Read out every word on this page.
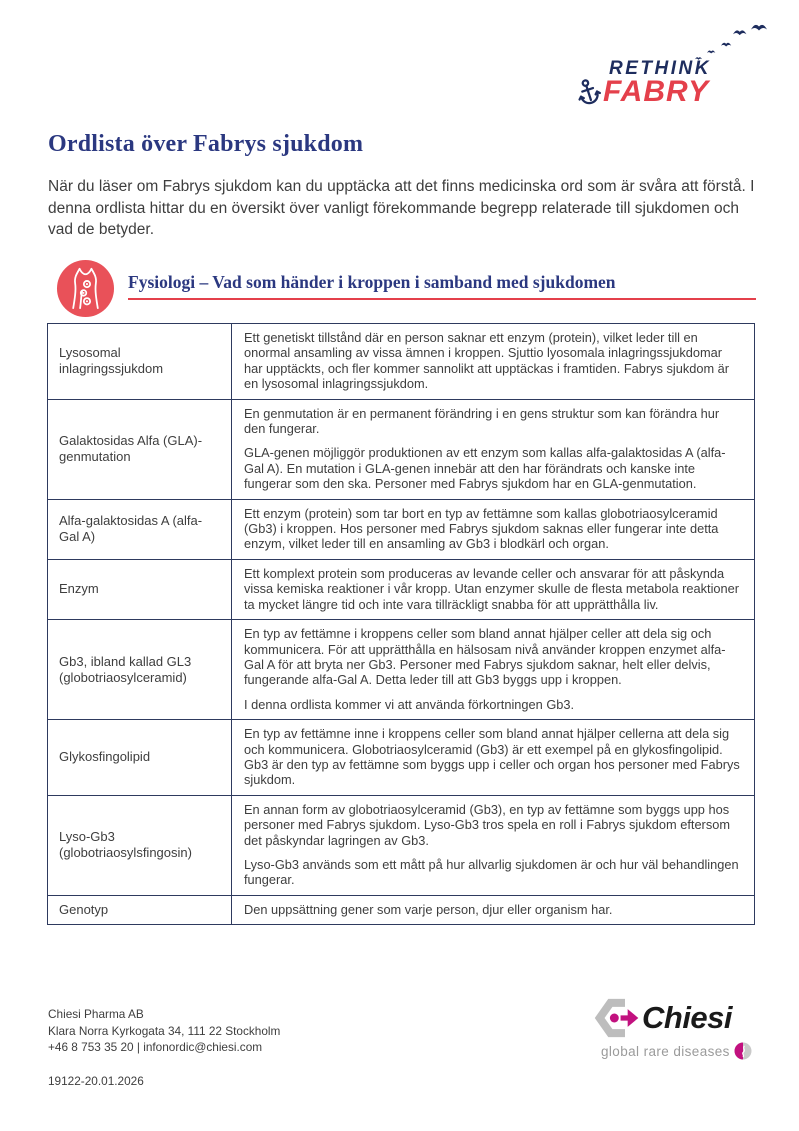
RETHINK
FABRY
Ordlista över Fabrys sjukdom

När du läser om Fabrys sjukdom kan du upptäcka att det finns medicinska ord som är svåra att förstå. I denna ordlista hittar du en översikt över vanligt förekommande begrepp relaterade till sjukdomen och vad de betyder.

Fysiologi – Vad som händer i kroppen i samband med sjukdomen
Lysosomal inlagringssjukdom	Ett genetiskt tillstånd där en person saknar ett enzym (protein), vilket leder till en onormal ansamling av vissa ämnen i kroppen. Sjuttio lyosomala inlagringssjukdomar har upptäckts, och fler kommer sannolikt att upptäckas i framtiden. Fabrys sjukdom är en lysosomal inlagringssjukdom.

Galaktosidas Alfa (GLA)-genmutation	En genmutation är en permanent förändring i en gens struktur som kan förändra hur den fungerar.

GLA-genen möjliggör produktionen av ett enzym som kallas alfa-galaktosidas A (alfa-Gal A). En mutation i GLA-genen innebär att den har förändrats och kanske inte fungerar som den ska. Personer med Fabrys sjukdom har en GLA-genmutation.

Alfa-galaktosidas A (alfa-Gal A)	Ett enzym (protein) som tar bort en typ av fettämne som kallas globotriaosylceramid (Gb3) i kroppen. Hos personer med Fabrys sjukdom saknas eller fungerar inte detta enzym, vilket leder till en ansamling av Gb3 i blodkärl och organ.

Enzym	Ett komplext protein som produceras av levande celler och ansvarar för att påskynda vissa kemiska reaktioner i vår kropp. Utan enzymer skulle de flesta metabola reaktioner ta mycket längre tid och inte vara tillräckligt snabba för att upprätthålla liv.

Gb3, ibland kallad GL3 (globotriaosylceramid)	En typ av fettämne i kroppens celler som bland annat hjälper celler att dela sig och kommunicera. För att upprätthålla en hälsosam nivå använder kroppen enzymet alfa-Gal A för att bryta ner Gb3. Personer med Fabrys sjukdom saknar, helt eller delvis, fungerande alfa-Gal A. Detta leder till att Gb3 byggs upp i kroppen.

I denna ordlista kommer vi att använda förkortningen Gb3.

Glykosfingolipid	En typ av fettämne inne i kroppens celler som bland annat hjälper cellerna att dela sig och kommunicera. Globotriaosylceramid (Gb3) är ett exempel på en glykosfingolipid. Gb3 är den typ av fettämne som byggs upp i celler och organ hos personer med Fabrys sjukdom.

Lyso-Gb3 (globotriaosylsfingosin)	En annan form av globotriaosylceramid (Gb3), en typ av fettämne som byggs upp hos personer med Fabrys sjukdom. Lyso-Gb3 tros spela en roll i Fabrys sjukdom eftersom det påskyndar lagringen av Gb3.

Lyso-Gb3 används som ett mått på hur allvarlig sjukdomen är och hur väl behandlingen fungerar.

Genotyp	Den uppsättning gener som varje person, djur eller organism har.

Chiesi Pharma AB
Klara Norra Kyrkogata 34, 111 22 Stockholm
+46 8 753 35 20 | infonordic@chiesi.com
19122-20.01.2026
Chiesi
global rare diseases
